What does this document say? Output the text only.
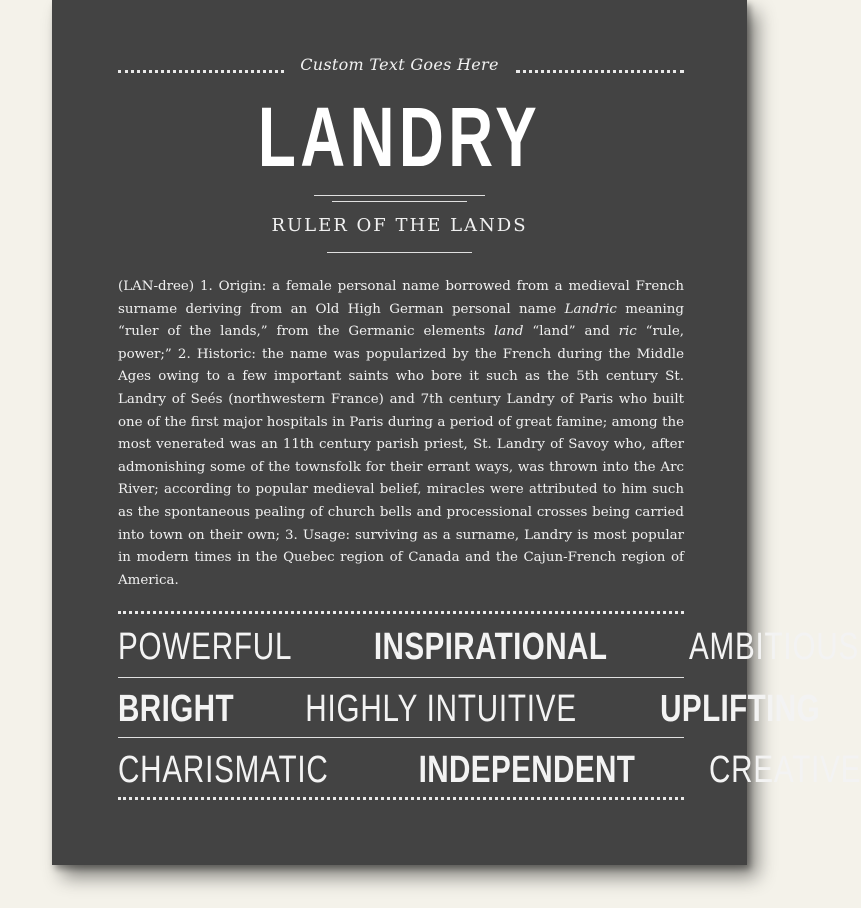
Custom Text Goes Here
LANDRY
RULER OF THE LANDS
(LAN-dree) 1. Origin: a female personal name borrowed from a medieval French surname deriving from an Old High German personal name Landric meaning “ruler of the lands,” from the Germanic elements land “land” and ric “rule, power;” 2. Historic: the name was popularized by the French during the Middle Ages owing to a few important saints who bore it such as the 5th century St. Landry of Seés (northwestern France) and 7th century Landry of Paris who built one of the first major hospitals in Paris during a period of great famine; among the most venerated was an 11th century parish priest, St. Landry of Savoy who, after admonishing some of the townsfolk for their errant ways, was thrown into the Arc River; according to popular medieval belief, miracles were attributed to him such as the spontaneous pealing of church bells and processional crosses being carried into town on their own; 3. Usage: surviving as a surname, Landry is most popular in modern times in the Quebec region of Canada and the Cajun-French region of America.
POWERFUL INSPIRATIONAL AMBITIOUS
BRIGHT HIGHLY INTUITIVE UPLIFTING
CHARISMATIC INDEPENDENT CREATIVE
